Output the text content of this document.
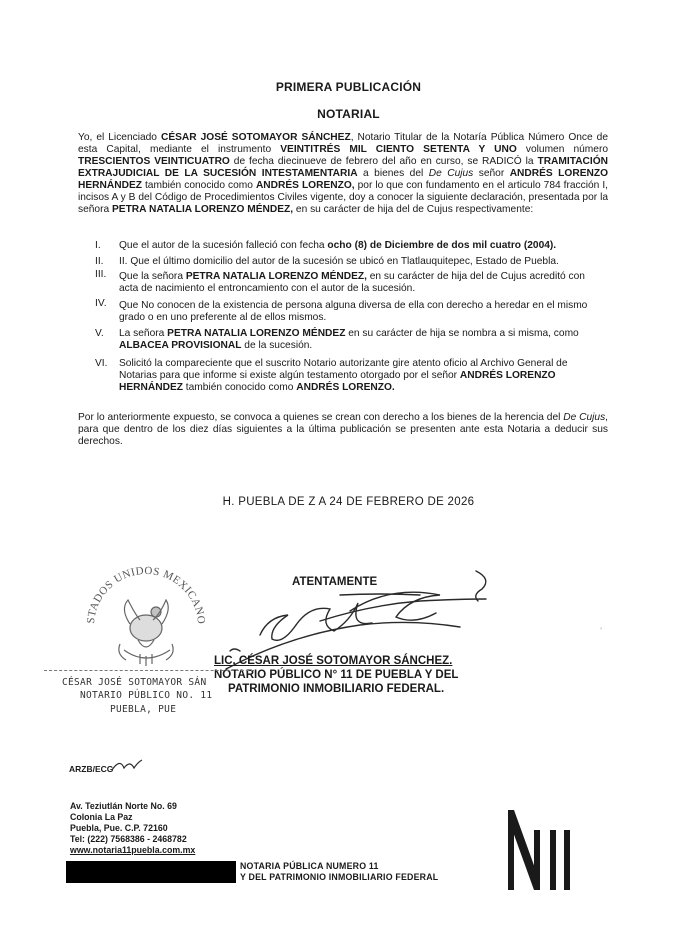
PRIMERA PUBLICACIÓN
NOTARIAL
Yo, el Licenciado CÉSAR JOSÉ SOTOMAYOR SÁNCHEZ, Notario Titular de la Notaría Pública Número Once de esta Capital, mediante el instrumento VEINTITRÉS MIL CIENTO SETENTA Y UNO volumen número TRESCIENTOS VEINTICUATRO de fecha diecinueve de febrero del año en curso, se RADICÓ la TRAMITACIÓN EXTRAJUDICIAL DE LA SUCESIÓN INTESTAMENTARIA a bienes del De Cujus señor ANDRÉS LORENZO HERNÁNDEZ también conocido como ANDRÉS LORENZO, por lo que con fundamento en el articulo 784 fracción I, incisos A y B del Código de Procedimientos Civiles vigente, doy a conocer la siguiente declaración, presentada por la señora PETRA NATALIA LORENZO MÉNDEZ, en su carácter de hija del de Cujus respectivamente:
I.	Que el autor de la sucesión falleció con fecha ocho (8) de Diciembre de dos mil cuatro (2004).
II.	II. Que el último domicilio del autor de la sucesión se ubicó en Tlatlauquitepec, Estado de Puebla.
III.	Que la señora PETRA NATALIA LORENZO MÉNDEZ, en su carácter de hija del de Cujus acreditó con acta de nacimiento el entroncamiento con el autor de la sucesión.
IV.	Que No conocen de la existencia de persona alguna diversa de ella con derecho a heredar en el mismo grado o en uno preferente al de ellos mismos.
V.	La señora PETRA NATALIA LORENZO MÉNDEZ en su carácter de hija se nombra a si misma, como ALBACEA PROVISIONAL de la sucesión.
VI.	Solicitó la compareciente que el suscrito Notario autorizante gire atento oficio al Archivo General de Notarias para que informe si existe algún testamento otorgado por el señor ANDRÉS LORENZO HERNÁNDEZ también conocido como ANDRÉS LORENZO.
Por lo anteriormente expuesto, se convoca a quienes se crean con derecho a los bienes de la herencia del De Cujus, para que dentro de los diez días siguientes a la última publicación se presenten ante esta Notaria a deducir sus derechos.
H. PUEBLA DE Z A 24 DE FEBRERO DE 2026
STADOS UNIDOS MEXICANO
ATENTAMENTE
LIC. CÉSAR JOSÉ SOTOMAYOR SÁNCHEZ.
NOTARIO PÚBLICO N° 11 DE PUEBLA Y DEL
PATRIMONIO INMOBILIARIO FEDERAL.
CÉSAR JOSÉ SOTOMAYOR SÁN
NOTARIO PÚBLICO NO. 11
PUEBLA, PUE
ARZB/ECG
Av. Teziutlán Norte No. 69
Colonia La Paz
Puebla, Pue. C.P. 72160
Tel: (222) 7568386 - 2468782
www.notaria11puebla.com.mx
NOTARIA PÚBLICA NUMERO 11
Y DEL PATRIMONIO INMOBILIARIO FEDERAL
’
